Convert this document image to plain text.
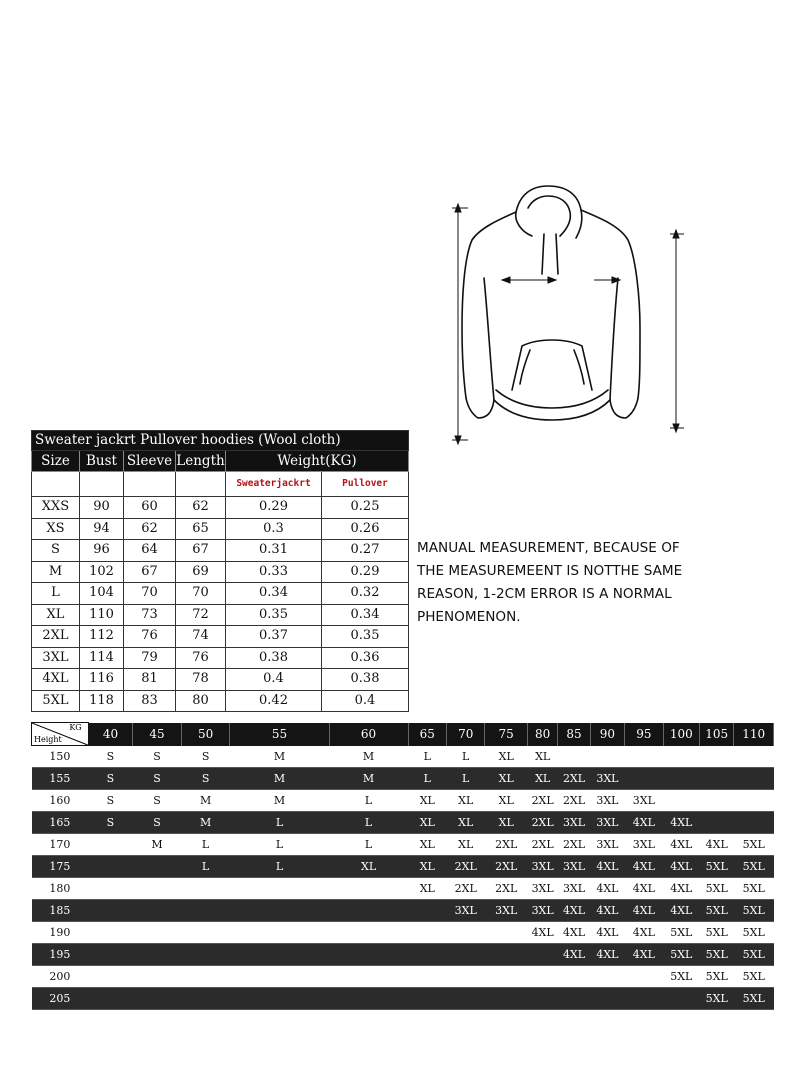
Sweater jackrt Pullover hoodies (Wool cloth)					
Size	Bust	Sleeve	Length	Weight(KG)	
				Sweaterjackrt	Pullover
XXS	90	60	62	0.29	0.25
XS	94	62	65	0.3	0.26
S	96	64	67	0.31	0.27
M	102	67	69	0.33	0.29
L	104	70	70	0.34	0.32
XL	110	73	72	0.35	0.34
2XL	112	76	74	0.37	0.35
3XL	114	79	76	0.38	0.36
4XL	116	81	78	0.4	0.38
5XL	118	83	80	0.42	0.4
MANUAL MEASUREMENT, BECAUSE OF
THE MEASUREMEENT IS NOTTHE SAME
REASON, 1-2CM ERROR IS A NORMAL
PHENOMENON.
KG
Height	40	45	50	55	60	65	70	75	80	85	90	95	100	105	110
150	S	S	S	M	M	L	L	XL	XL						
155	S	S	S	M	M	L	L	XL	XL	2XL	3XL				
160	S	S	M	M	L	XL	XL	XL	2XL	2XL	3XL	3XL			
165	S	S	M	L	L	XL	XL	XL	2XL	3XL	3XL	4XL	4XL		
170		M	L	L	L	XL	XL	2XL	2XL	2XL	3XL	3XL	4XL	4XL	5XL
175			L	L	XL	XL	2XL	2XL	3XL	3XL	4XL	4XL	4XL	5XL	5XL
180						XL	2XL	2XL	3XL	3XL	4XL	4XL	4XL	5XL	5XL
185							3XL	3XL	3XL	4XL	4XL	4XL	4XL	5XL	5XL
190									4XL	4XL	4XL	4XL	5XL	5XL	5XL
195										4XL	4XL	4XL	5XL	5XL	5XL
200													5XL	5XL	5XL
205														5XL	5XL
